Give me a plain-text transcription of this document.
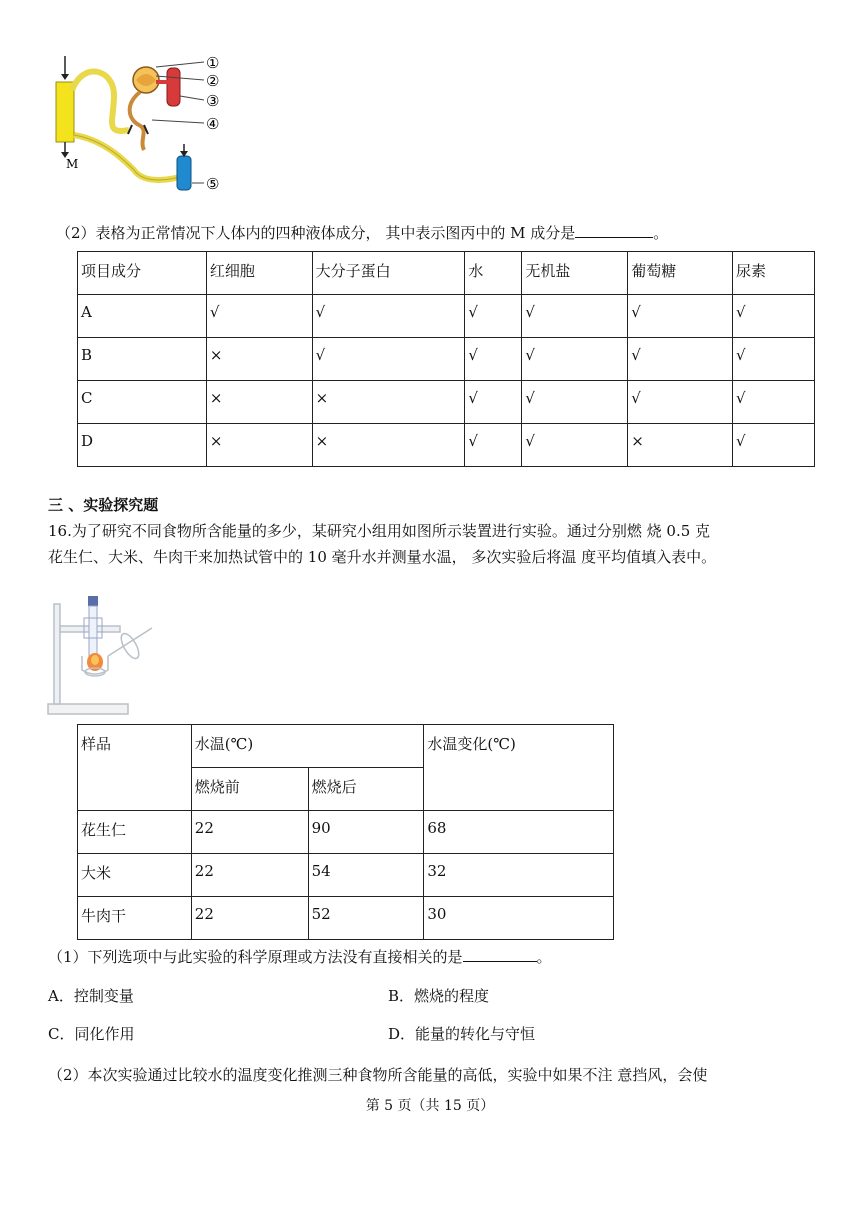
M
①
②
③
④
⑤
（2）表格为正常情况下人体内的四种液体成分， 其中表示图丙中的 M 成分是	。
项目成分	红细胞	大分子蛋白	水	无机盐	葡萄糖	尿素
A	√	√	√	√	√	√
B	×	√	√	√	√	√
C	×	×	√	√	√	√
D	×	×	√	√	×	√
三 、实验探究题
16.为了研究不同食物所含能量的多少，某研究小组用如图所示装置进行实验。通过分别燃 烧 0.5 克
花生仁、大米、牛肉干来加热试管中的 10 毫升水并测量水温， 多次实验后将温 度平均值填入表中。
样品	水温(℃)		水温变化(℃)
	燃烧前	燃烧后	
花生仁	22	90	68
大米	22	54	32
牛肉干	22	52	30
（1）下列选项中与此实验的科学原理或方法没有直接相关的是	。
A．控制变量	B．燃烧的程度
C．同化作用	D．能量的转化与守恒
（2）本次实验通过比较水的温度变化推测三种食物所含能量的高低，实验中如果不注 意挡风，会使
第 5 页（共 15 页）
